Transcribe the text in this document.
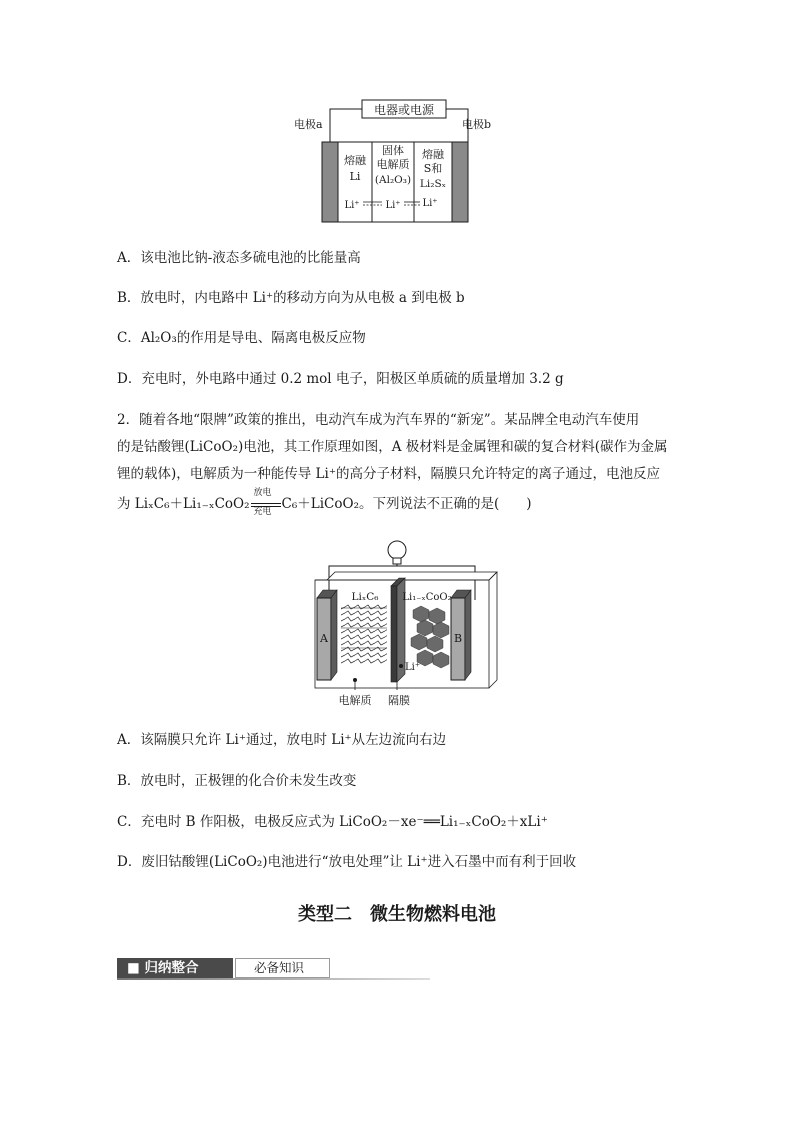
电器或电源
电极a	电极b
熔融
Li
固体
电解质
(Al₂O₃)
熔融
S和
Li₂Sₓ
Li⁺	Li⁺ Li⁺
A．该电池比钠-液态多硫电池的比能量高
B．放电时，内电路中 Li⁺的移动方向为从电极 a 到电极 b
C．Al₂O₃的作用是导电、隔离电极反应物
D．充电时，外电路中通过 0.2 mol 电子，阳极区单质硫的质量增加 3.2 g
2．随着各地“限牌”政策的推出，电动汽车成为汽车界的“新宠”。某品牌全电动汽车使用
的是钴酸锂(LiCoO₂)电池，其工作原理如图，A 极材料是金属锂和碳的复合材料(碳作为金属
锂的载体)，电解质为一种能传导 Li⁺的高分子材料，隔膜只允许特定的离子通过，电池反应
为 LiₓC₆＋Li₁₋ₓCoO₂
放电
充电 C₆＋LiCoO₂。下列说法不正确的是(　　)
A	B
LiₓC₆ Li₁₋ₓCoO₂
Li⁺
电解质 隔膜
A．该隔膜只允许 Li⁺通过，放电时 Li⁺从左边流向右边
B．放电时，正极锂的化合价未发生改变
C．充电时 B 作阳极，电极反应式为 LiCoO₂－xe⁻══Li₁₋ₓCoO₂＋xLi⁺
D．废旧钴酸锂(LiCoO₂)电池进行“放电处理”让 Li⁺进入石墨中而有利于回收
类型二　微生物燃料电池
■ 归纳整合	必备知识
